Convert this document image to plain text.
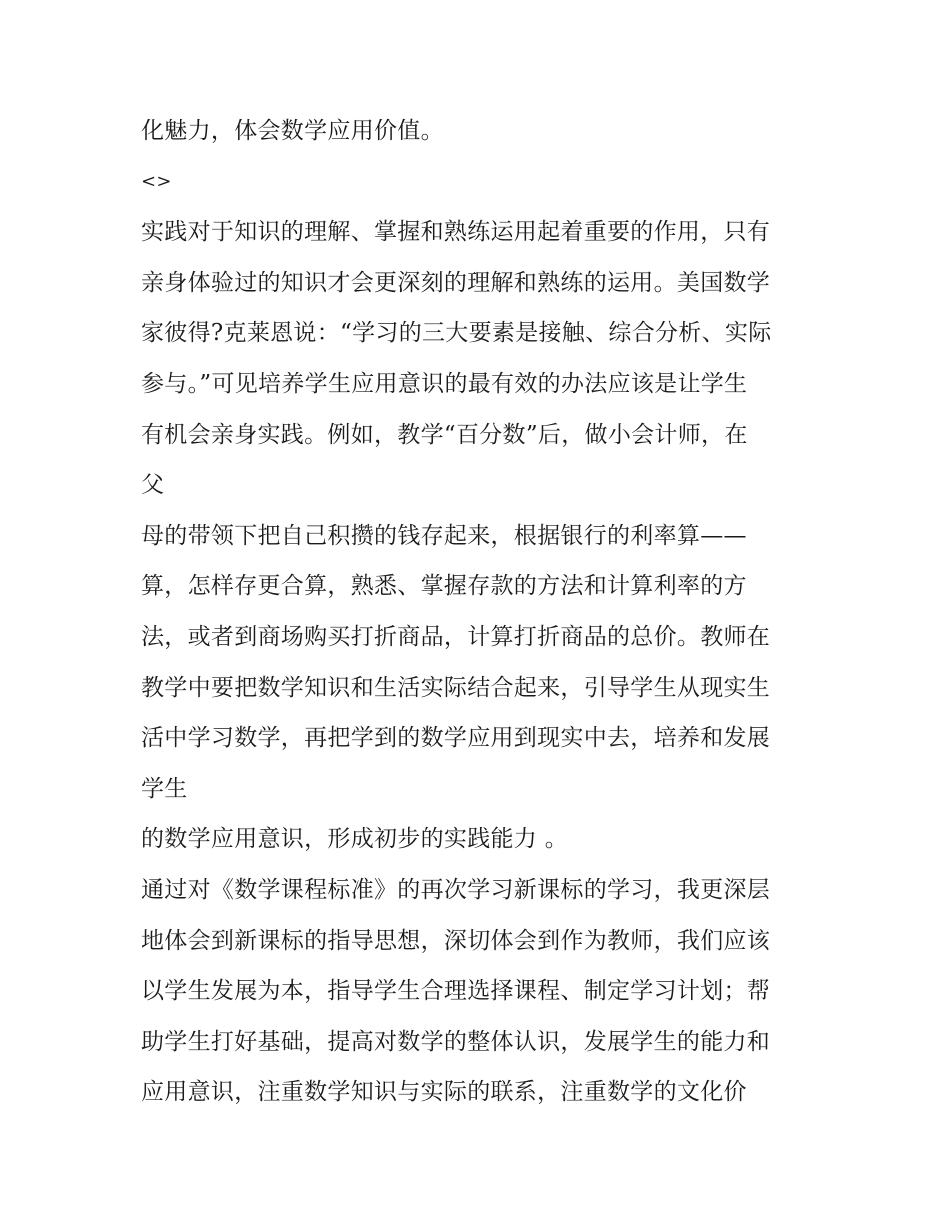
化魅力，体会数学应用价值。
<>
实践对于知识的理解、掌握和熟练运用起着重要的作用，只有
亲身体验过的知识才会更深刻的理解和熟练的运用。美国数学
家彼得?克莱恩说：“学习的三大要素是接触、综合分析、实际
参与。”可见培养学生应用意识的最有效的办法应该是让学生
有机会亲身实践。例如，教学“百分数”后，做小会计师，在
父
母的带领下把自己积攒的钱存起来，根据银行的利率算——
算，怎样存更合算，熟悉、掌握存款的方法和计算利率的方
法，或者到商场购买打折商品，计算打折商品的总价。教师在
教学中要把数学知识和生活实际结合起来，引导学生从现实生
活中学习数学，再把学到的数学应用到现实中去，培养和发展
学生
的数学应用意识，形成初步的实践能力 。
通过对《数学课程标准》的再次学习新课标的学习，我更深层
地体会到新课标的指导思想，深切体会到作为教师，我们应该
以学生发展为本，指导学生合理选择课程、制定学习计划；帮
助学生打好基础，提高对数学的整体认识，发展学生的能力和
应用意识，注重数学知识与实际的联系，注重数学的文化价
